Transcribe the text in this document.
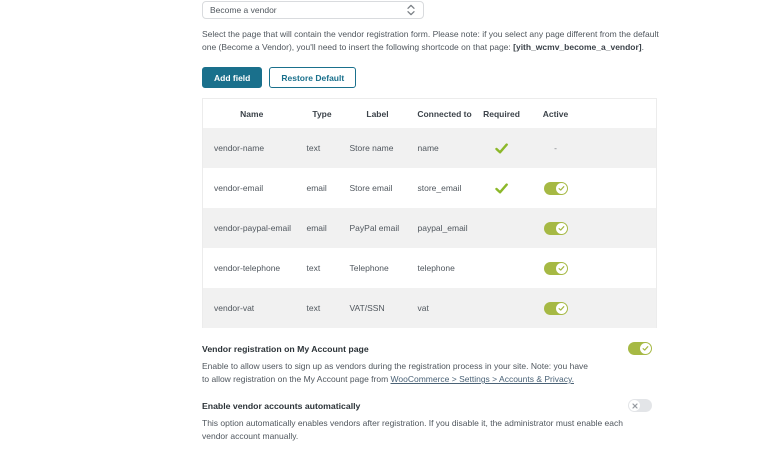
Become a vendor
Select the page that will contain the vendor registration form. Please note: if you select any page different from the default one (Become a Vendor), you'll need to insert the following shortcode on that page: [yith_wcmv_become_a_vendor].
Add field	Restore Default
Name	Type	Label	Connected to	Required	Active	
vendor-name	text	Store name	name		-	
vendor-email	email	Store email	store_email		

vendor-paypal-email	email	PayPal email	paypal_email		

vendor-telephone	text	Telephone	telephone		

vendor-vat	text	VAT/SSN	vat		

Vendor registration on My Account page
Enable to allow users to sign up as vendors during the registration process in your site. Note: you have to allow registration on the My Account page from WooCommerce > Settings > Accounts & Privacy.
Enable vendor accounts automatically
This option automatically enables vendors after registration. If you disable it, the administrator must enable each vendor account manually.
